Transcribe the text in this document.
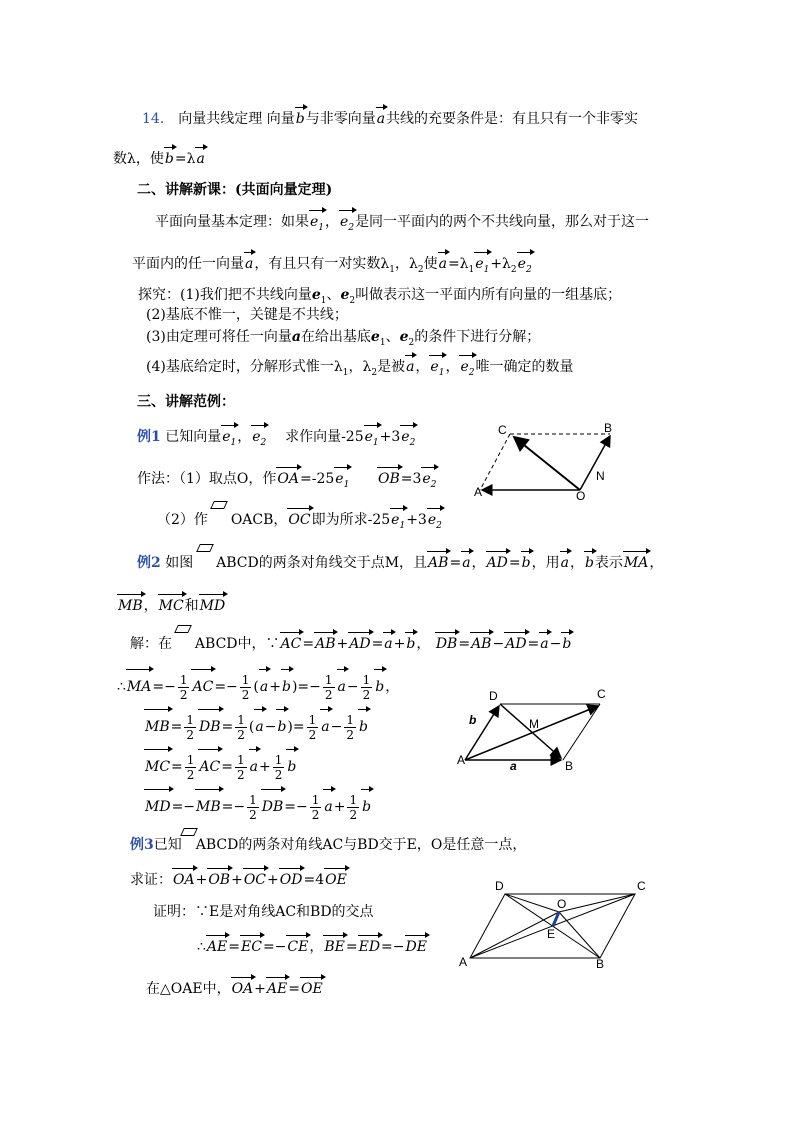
14． 向量共线定理 向量b与非零向量a共线的充要条件是：有且只有一个非零实
数λ，使b=λa
二、讲解新课：(共面向量定理)
平面向量基本定理：如果$e_1$，$e_2$是同一平面内的两个不共线向量，那么对于这一
平面内的任一向量a，有且只有一对实数$\lambda_1$，$\lambda_2$使$a=\lambda_1e_1+\lambda_2e_2$
探究：(1)我们把不共线向量$e_1$、$e_2$叫做表示这一平面内所有向量的一组基底；
(2)基底不惟一，关键是不共线；
(3)由定理可将任一向量a在给出基底$e_1$、$e_2$的条件下进行分解；
(4)基底给定时，分解形式惟一$\lambda_1$，$\lambda_2$是被a，$e_1$，$e_2$唯一确定的数量
三、讲解范例：
例1 已知向量$e_1$，$e_2$ 求作向量$-25e_1+3e_2$
作法：（1）取点O，作$OA=-25e_1$ $OB=3e_2$
（2）作 OACB，OC即为所求$-25e_1+3e_2$
C	B
A	O
N
例2 如图 ABCD的两条对角线交于点M，且AB=a，AD=b，用a，b表示MA，
MB，MC和MD
解：在 ABCD中，∵AC=AB+AD=a+b， DB=AB−AD=a−b
∴MA=− $\frac{1}{2} AC=- \frac{1}{2} (a+b)=- \frac{1}{2} a- \frac{1}{2}$ b，
$MB= \frac{1}{2} DB= \frac{1}{2} (a-b)= \frac{1}{2} a- \frac{1}{2}$ b
$MC= \frac{1}{2} AC= \frac{1}{2} a+ \frac{1}{2}$ b
$MD=-MB=- \frac{1}{2} DB=- \frac{1}{2} a+ \frac{1}{2}$ b
D	C
A	B
M
a
b
例3已知 ABCD的两条对角线AC与BD交于E，O是任意一点，
求证：OA+OB+OC+OD=4OE
证明：∵E是对角线AC和BD的交点
∴AE=EC=−CE，BE=ED=−DE
在△OAE中，OA+AE=OE
D	C
A	B
O
E
